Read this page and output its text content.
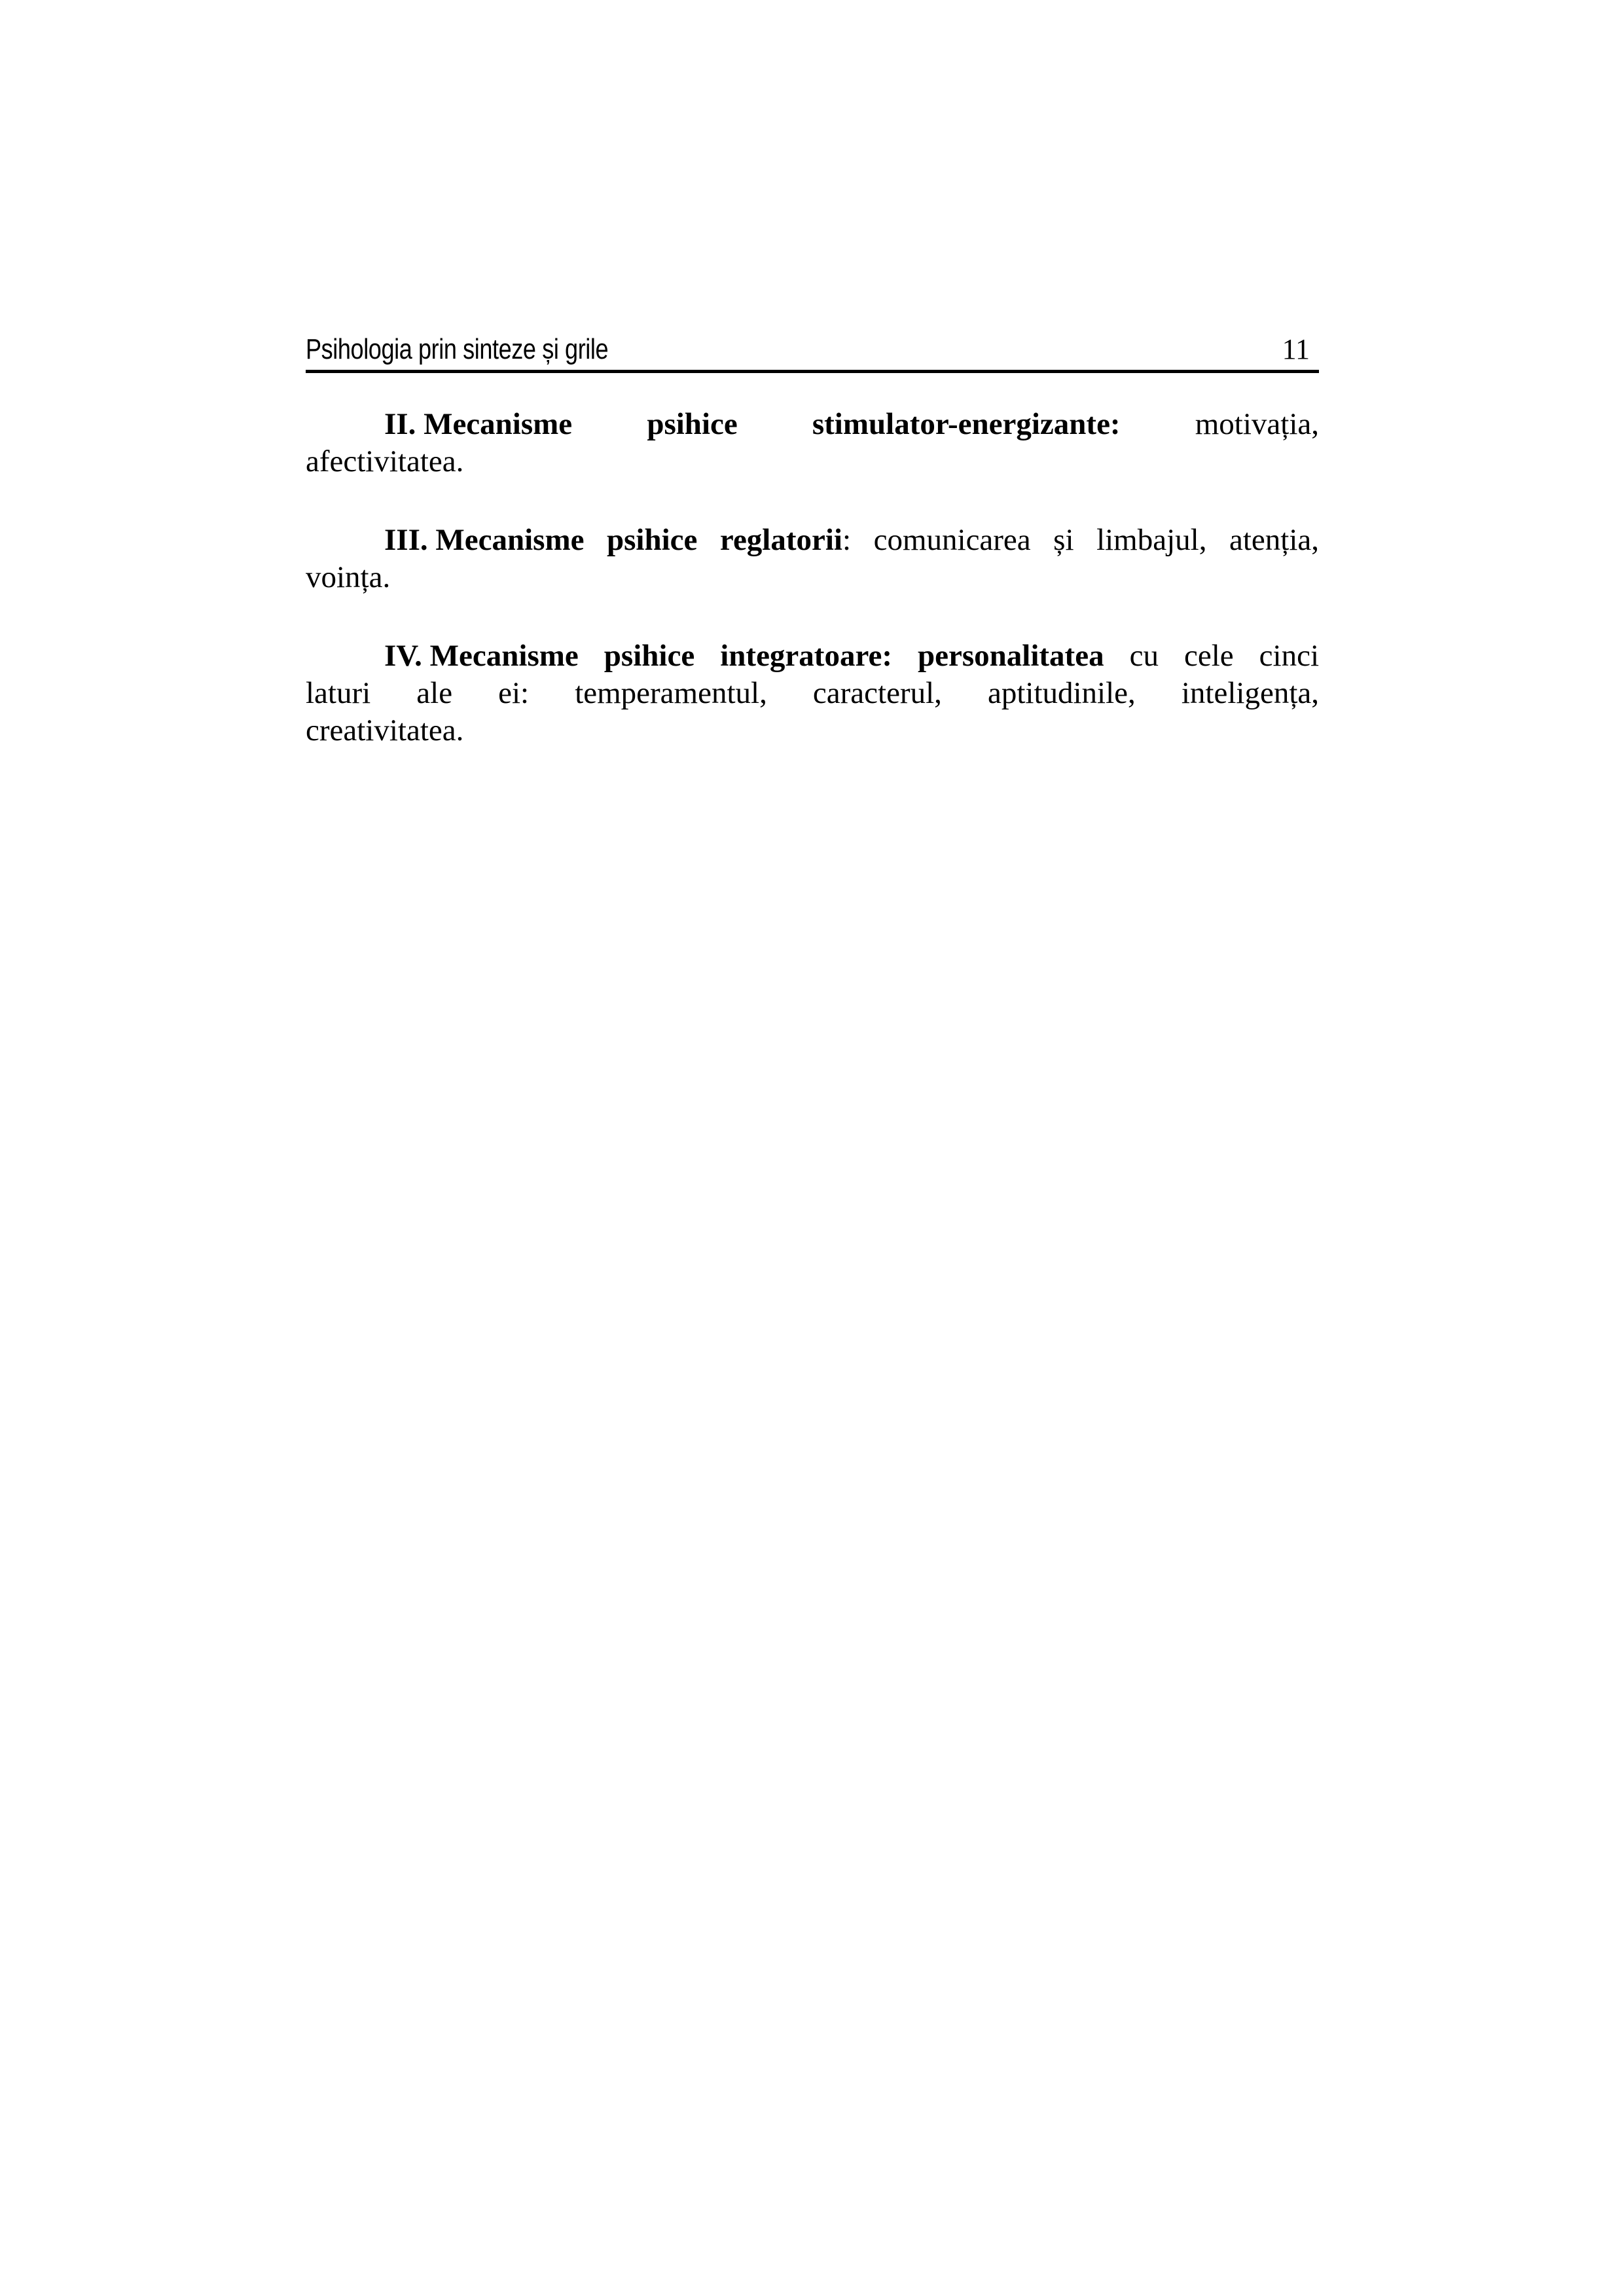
Psihologia prin sinteze și grile	11
II. Mecanisme psihice stimulator-energizante: motivația,
afectivitatea.
III. Mecanisme psihice reglatorii: comunicarea și limbajul, atenția,
voința.
IV. Mecanisme psihice integratoare: personalitatea cu cele cinci
laturi ale ei: temperamentul, caracterul, aptitudinile, inteligența,
creativitatea.
